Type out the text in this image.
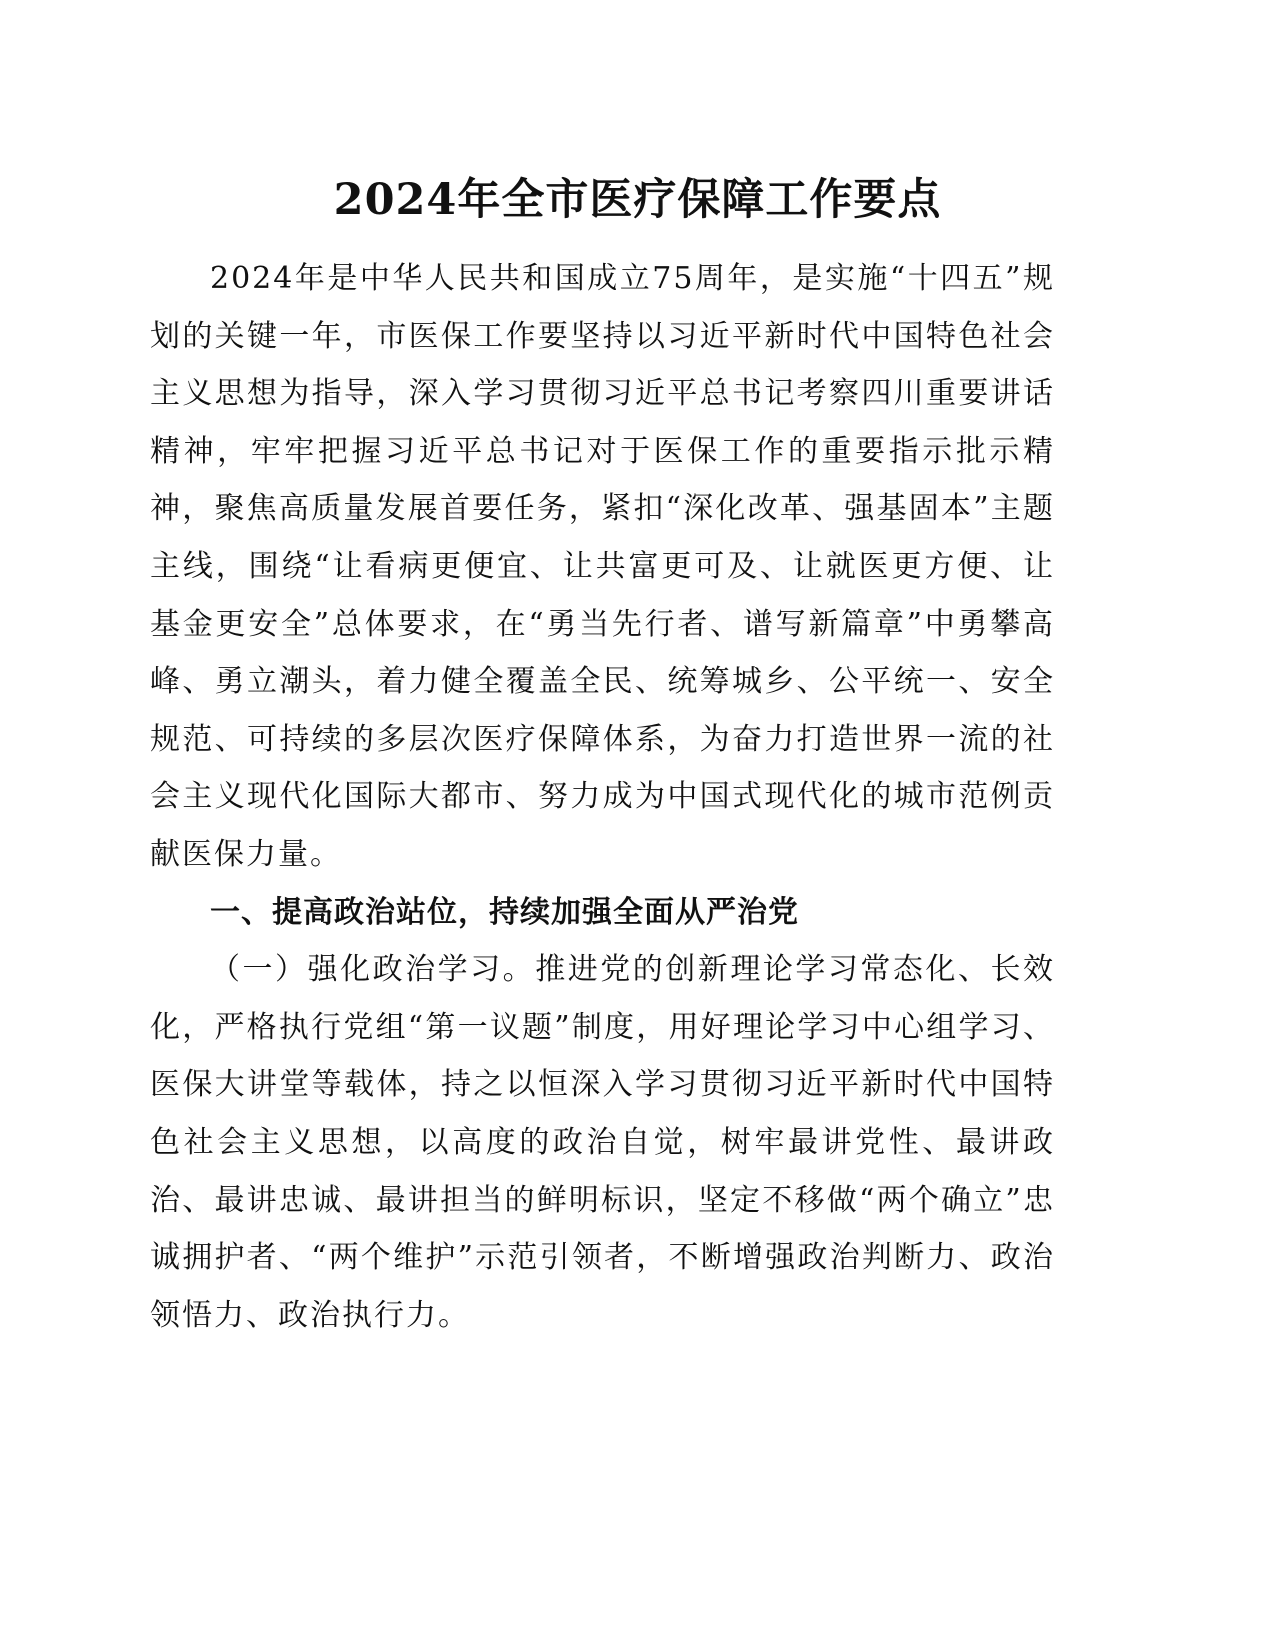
2024年全市医疗保障工作要点

2024年是中华人民共和国成立75周年，是实施“十四五”规划的关键一年，市医保工作要坚持以习近平新时代中国特色社会主义思想为指导，深入学习贯彻习近平总书记考察四川重要讲话精神，牢牢把握习近平总书记对于医保工作的重要指示批示精神，聚焦高质量发展首要任务，紧扣“深化改革、强基固本”主题主线，围绕“让看病更便宜、让共富更可及、让就医更方便、让基金更安全”总体要求，在“勇当先行者、谱写新篇章”中勇攀高峰、勇立潮头，着力健全覆盖全民、统筹城乡、公平统一、安全规范、可持续的多层次医疗保障体系，为奋力打造世界一流的社会主义现代化国际大都市、努力成为中国式现代化的城市范例贡献医保力量。

一、提高政治站位，持续加强全面从严治党

（一）强化政治学习。推进党的创新理论学习常态化、长效化，严格执行党组“第一议题”制度，用好理论学习中心组学习、医保大讲堂等载体，持之以恒深入学习贯彻习近平新时代中国特色社会主义思想，以高度的政治自觉，树牢最讲党性、最讲政治、最讲忠诚、最讲担当的鲜明标识，坚定不移做“两个确立”忠诚拥护者、“两个维护”示范引领者，不断增强政治判断力、政治领悟力、政治执行力。
